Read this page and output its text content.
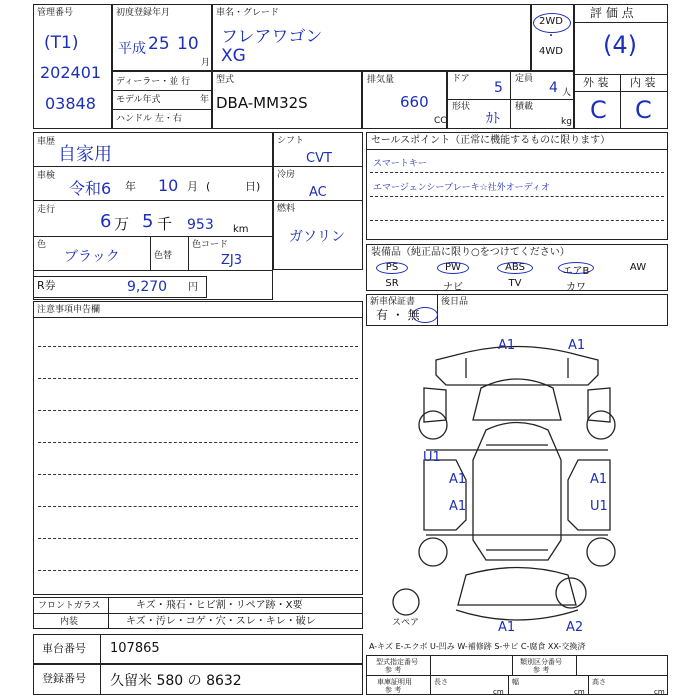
管理番号
(T1)
202401
03848
初度登録年月
平成 25 10
月
車名・グレード
フレアワゴン
XG
2WD
・
4WD
評 価 点
(4)
外 装 内 装
C C
ディーラー・並 行
モデル年式	年
ハンドル 左・右
型式
DBA-MM32S
排気量
660
CC
ドア
5
定員
4 人
形状
ｶﾄ
積載
kg
車歴
自家用
車検
令和6 年 10 月 (	日)
走行
6 万 5 千 953 km
色
ブラック	色替
色コード
ZJ3
シフト
CVT
冷房
AC
燃料
ガソリン
R券	9,270 円
注意事項申告欄
フロントガラス	キズ・飛石・ヒビ割・リペア跡・X要
内装	キズ・汚レ・コゲ・穴・スレ・キレ・破レ
車台番号 107865
登録番号 久留米 580 の 8632
セールスポイント（正常に機能するものに限ります）
スマートキー
エマージェンシーブレーキ☆社外オーディオ
装備品（純正品に限り○をつけてください）
PS	PW	ABS	エアB	AW
SR	ナビ	TV	カワ
新車保証書
有 ・ 無
後日品
A1	A1
U1
A1	A1
A1	U1
A1	A2
スペア
A-キズ E-エクボ U-凹み W-補修跡 S-サビ C-腐食 XX-交換済
型式指定番号
参 考
類別区分番号
参 考
車庫証明用
参 考
長さ
cm
幅
cm
高さ
cm
